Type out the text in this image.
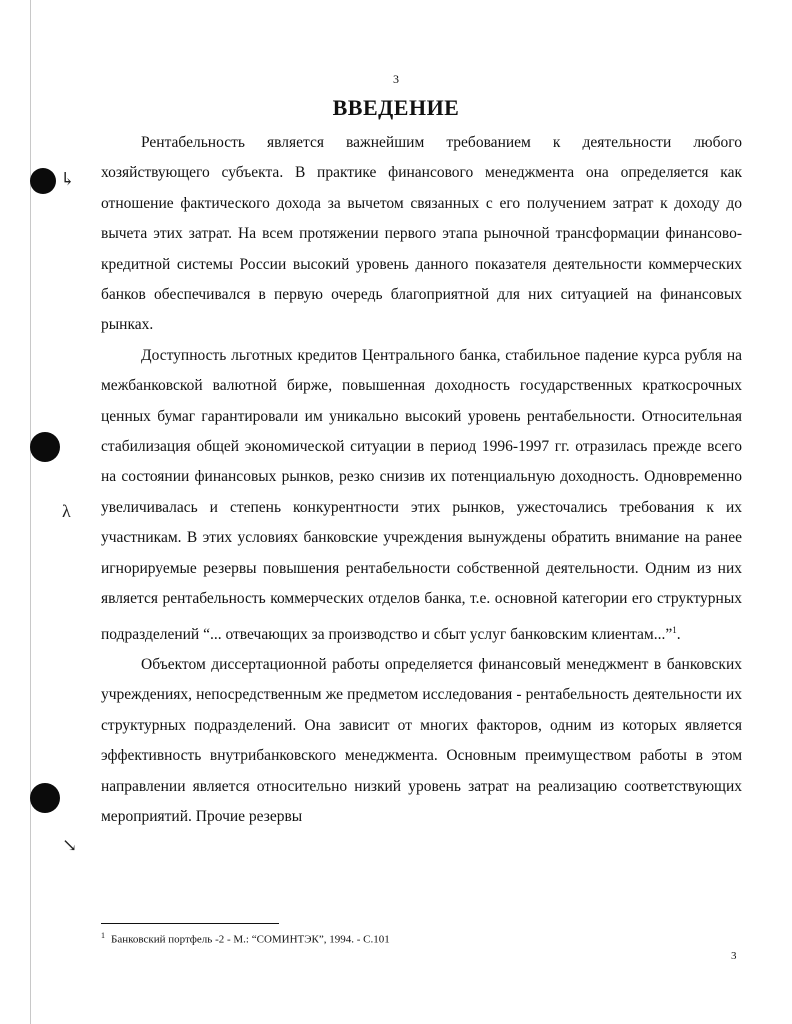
↳
λ
↘
3
ВВЕДЕНИЕ

Рентабельность является важнейшим требованием к деятельности любого хозяйствующего субъекта. В практике финансового менеджмента она определяется как отношение фактического дохода за вычетом связанных с его получением затрат к доходу до вычета этих затрат. На всем протяжении первого этапа рыночной трансформации финансово-кредитной системы России высокий уровень данного показателя деятельности коммерческих банков обеспечивался в первую очередь благоприятной для них ситуацией на финансовых рынках.

Доступность льготных кредитов Центрального банка, стабильное падение курса рубля на межбанковской валютной бирже, повышенная доходность государственных краткосрочных ценных бумаг гарантировали им уникально высокий уровень рентабельности. Относительная стабилизация общей экономической ситуации в период 1996-1997 гг. отразилась прежде всего на состоянии финансовых рынков, резко снизив их потенциальную доходность. Одновременно увеличивалась и степень конкурентности этих рынков, ужесточались требования к их участникам. В этих условиях банковские учреждения вынуждены обратить внимание на ранее игнорируемые резервы повышения рентабельности собственной деятельности. Одним из них является рентабельность коммерческих отделов банка, т.е. основной категории его структурных подразделений “... отвечающих за производство и сбыт услуг банковским клиентам...”$^1$.

Объектом диссертационной работы определяется финансовый менеджмент в банковских учреждениях, непосредственным же предметом исследования - рентабельность деятельности их структурных подразделений. Она зависит от многих факторов, одним из которых является эффективность внутрибанковского менеджмента. Основным преимуществом работы в этом направлении является относительно низкий уровень затрат на реализацию соответствующих мероприятий. Прочие резервы

$^1$ Банковский портфель -2 - М.: “СОМИНТЭК”, 1994. - С.101
3
